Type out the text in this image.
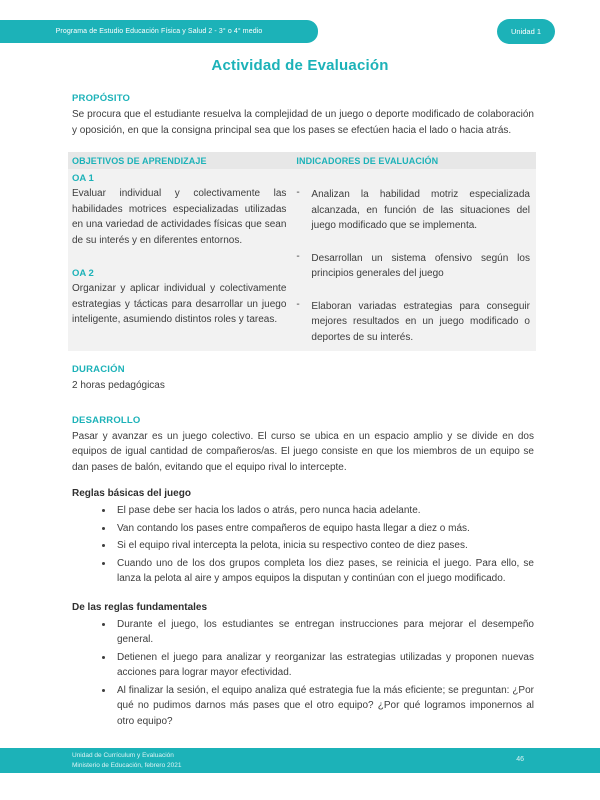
Programa de Estudio Educación Física y Salud 2 - 3° o 4° medio	Unidad 1
Actividad de Evaluación
PROPÓSITO

Se procura que el estudiante resuelva la complejidad de un juego o deporte modificado de colaboración y oposición, en que la consigna principal sea que los pases se efectúen hacia el lado o hacia atrás.

OBJETIVOS DE APRENDIZAJE	INDICADORES DE EVALUACIÓN
OA 1

Evaluar individual y colectivamente las habilidades motrices especializadas utilizadas en una variedad de actividades físicas que sean de su interés y en diferentes entornos.

OA 2

Organizar y aplicar individual y colectivamente estrategias y tácticas para desarrollar un juego inteligente, asumiendo distintos roles y tareas.

-

Analizan la habilidad motriz especializada alcanzada, en función de las situaciones del juego modificado que se implementa.

-

Desarrollan un sistema ofensivo según los principios generales del juego

-

Elaboran variadas estrategias para conseguir mejores resultados en un juego modificado o deportes de su interés.

DURACIÓN

2 horas pedagógicas

DESARROLLO

Pasar y avanzar es un juego colectivo. El curso se ubica en un espacio amplio y se divide en dos equipos de igual cantidad de compañeros/as. El juego consiste en que los miembros de un equipo se dan pases de balón, evitando que el equipo rival lo intercepte.

Reglas básicas del juego

• El pase debe ser hacia los lados o atrás, pero nunca hacia adelante.
• Van contando los pases entre compañeros de equipo hasta llegar a diez o más.
• Si el equipo rival intercepta la pelota, inicia su respectivo conteo de diez pases.
• Cuando uno de los dos grupos completa los diez pases, se reinicia el juego. Para ello, se lanza la pelota al aire y ampos equipos la disputan y continúan con el juego modificado.

De las reglas fundamentales

• Durante el juego, los estudiantes se entregan instrucciones para mejorar el desempeño general.
• Detienen el juego para analizar y reorganizar las estrategias utilizadas y proponen nuevas acciones para lograr mayor efectividad.
• Al finalizar la sesión, el equipo analiza qué estrategia fue la más eficiente; se preguntan: ¿Por qué no pudimos darnos más pases que el otro equipo? ¿Por qué logramos imponernos al otro equipo?
Unidad de Currículum y Evaluación
Ministerio de Educación, febrero 2021
46
